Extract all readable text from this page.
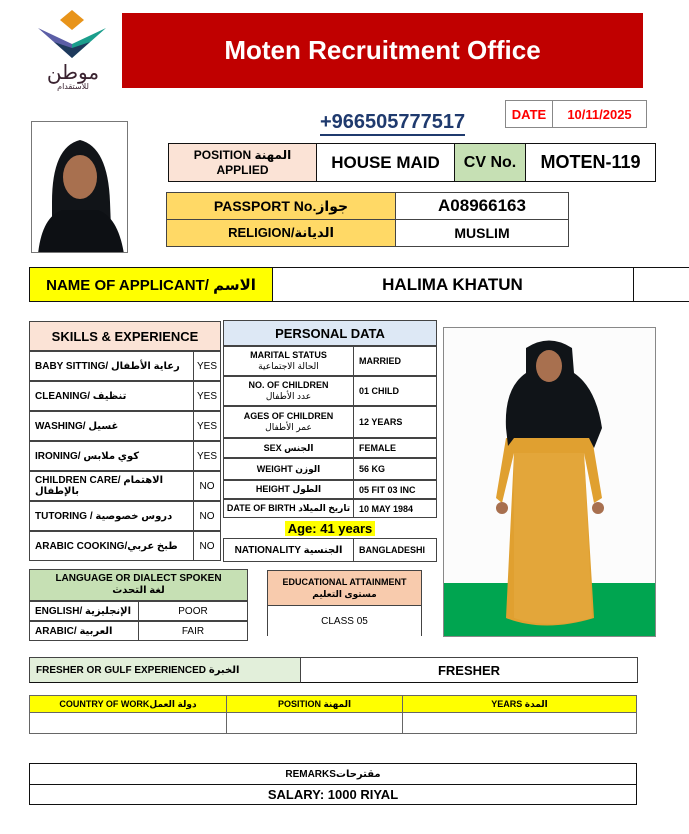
موطن
للاستقدام
Moten Recruitment Office
+966505777517	DATE	10/11/2025
POSITION المهنة
APPLIED	HOUSE MAID	CV No.	MOTEN-119
PASSPORT No.جواز	A08966163
RELIGION/الديانة	MUSLIM
NAME OF APPLICANT/ الاسم	HALIMA KHATUN
SKILLS & EXPERIENCE
BABY SITTING/ رعاية الأطفال	YES
CLEANING/ تنظيف	YES
WASHING/ غسيل	YES
IRONING/ كوي ملابس	YES
CHILDREN CARE/ الاهتمام بالإطفال	NO
TUTORING / دروس خصوصية	NO
ARABIC COOKING/طبخ عربي	NO
PERSONAL DATA
MARITAL STATUS
الحالة الاجتماعية	MARRIED
NO. OF CHILDREN
عدد الأطفال	01 CHILD
AGES OF CHILDREN
عمر الأطفال	12 YEARS
SEX الجنس	FEMALE
WEIGHT الوزن	56 KG
HEIGHT الطول	05 FIT 03 INC
DATE OF BIRTH تاريخ الميلاد 10 MAY 1984
Age: 41 years
NATIONALITY الجنسية	BANGLADESHI
LANGUAGE OR DIALECT SPOKEN
لغة التحدث
ENGLISH/ الإنجليزية	POOR
ARABIC/ العربية	FAIR
EDUCATIONAL ATTAINMENT
مستوى التعليم
CLASS 05
FRESHER OR GULF EXPERIENCED الخبرة	FRESHER
COUNTRY OF WORKدولة العمل	POSITION المهنة	YEARS المدة
REMARKSمقترحات
SALARY: 1000 RIYAL
